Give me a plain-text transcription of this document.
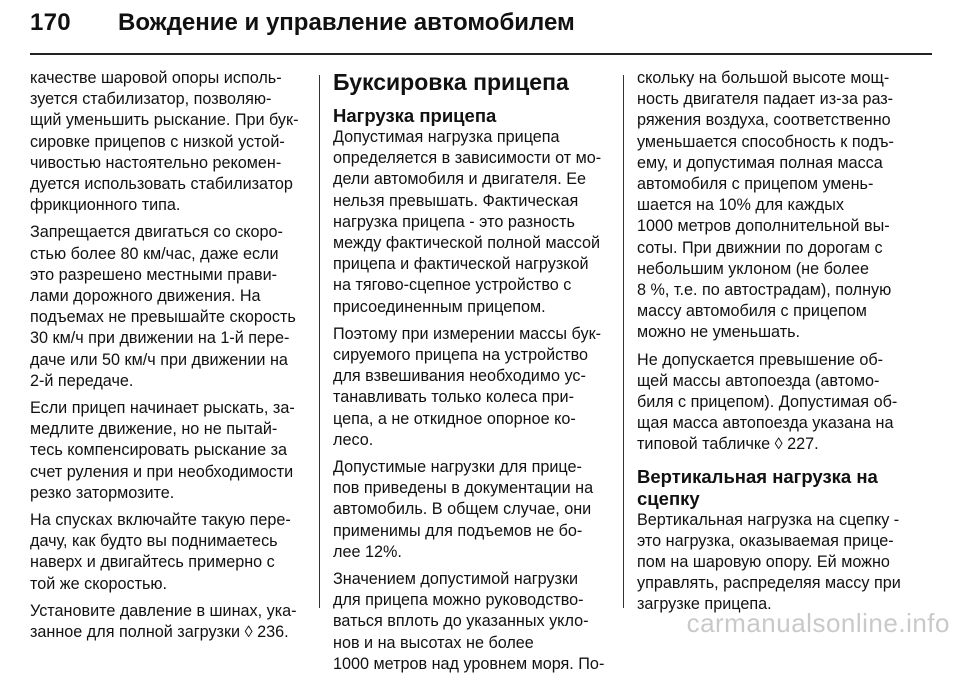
170 Вождение и управление автомобилем
качестве шаровой опоры исполь-
зуется стабилизатор, позволяю-
щий уменьшить рыскание. При бук-
сировке прицепов с низкой устой-
чивостью настоятельно рекомен-
дуется использовать стабилизатор
фрикционного типа.
Запрещается двигаться со скоро-
стью более 80 км/час, даже если
это разрешено местными прави-
лами дорожного движения. На
подъемах не превышайте скорость
30 км/ч при движении на 1-й пере-
даче или 50 км/ч при движении на
2-й передаче.
Если прицеп начинает рыскать, за-
медлите движение, но не пытай-
тесь компенсировать рыскание за
счет руления и при необходимости
резко затормозите.
На спусках включайте такую пере-
дачу, как будто вы поднимаетесь
наверх и двигайтесь примерно с
той же скоростью.
Установите давление в шинах, ука-
занное для полной загрузки ◊ 236.
Буксировка прицепа
Нагрузка прицепа
Допустимая нагрузка прицепа
определяется в зависимости от мо-
дели автомобиля и двигателя. Ее
нельзя превышать. Фактическая
нагрузка прицепа - это разность
между фактической полной массой
прицепа и фактической нагрузкой
на тягово-сцепное устройство с
присоединенным прицепом.
Поэтому при измерении массы бук-
сируемого прицепа на устройство
для взвешивания необходимо ус-
танавливать только колеса при-
цепа, а не откидное опорное ко-
лесо.
Допустимые нагрузки для прице-
пов приведены в документации на
автомобиль. В общем случае, они
применимы для подъемов не бо-
лее 12%.
Значением допустимой нагрузки
для прицепа можно руководство-
ваться вплоть до указанных укло-
нов и на высотах не более
1000 метров над уровнем моря. По-
скольку на большой высоте мощ-
ность двигателя падает из-за раз-
ряжения воздуха, соответственно
уменьшается способность к подъ-
ему, и допустимая полная масса
автомобиля с прицепом умень-
шается на 10% для каждых
1000 метров дополнительной вы-
соты. При движнии по дорогам с
небольшим уклоном (не более
8 %, т.е. по автострадам), полную
массу автомобиля с прицепом
можно не уменьшать.
Не допускается превышение об-
щей массы автопоезда (автомо-
биля с прицепом). Допустимая об-
щая масса автопоезда указана на
типовой табличке ◊ 227.
Вертикальная нагрузка на
сцепку
Вертикальная нагрузка на сцепку -
это нагрузка, оказываемая прице-
пом на шаровую опору. Ей можно
управлять, распределяя массу при
загрузке прицепа.
carmanualsonline.info
